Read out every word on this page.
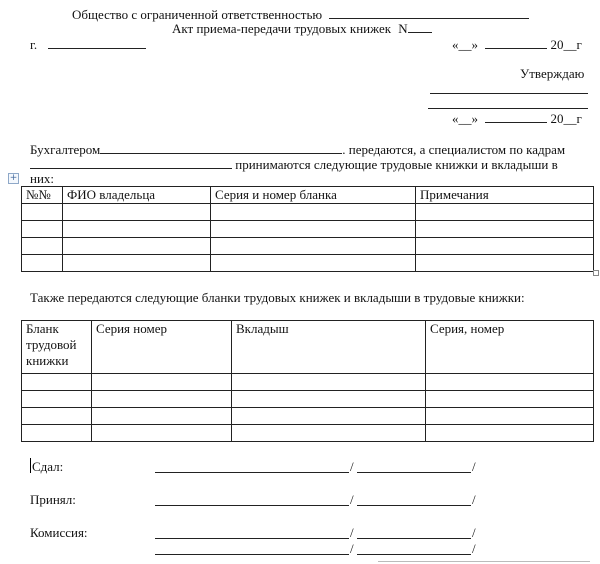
Общество с ограниченной ответственностью
Акт приема-передачи трудовых книжек N
г.	«__»	20__г
Утверждаю
«__»	20__г
Бухгалтером	. передаются, а специалистом по кадрам
принимаются следующие трудовые книжки и вкладыши в
+ них:
№№	ФИО владельца	Серия и номер бланка	Примечания

Также передаются следующие бланки трудовых книжек и вкладыши в трудовые книжки:
Бланк трудовой книжки	Серия номер	Вкладыш	Серия, номер

Сдал:	/	/
Принял:	/	/
Комиссия:	/	/
/	/
